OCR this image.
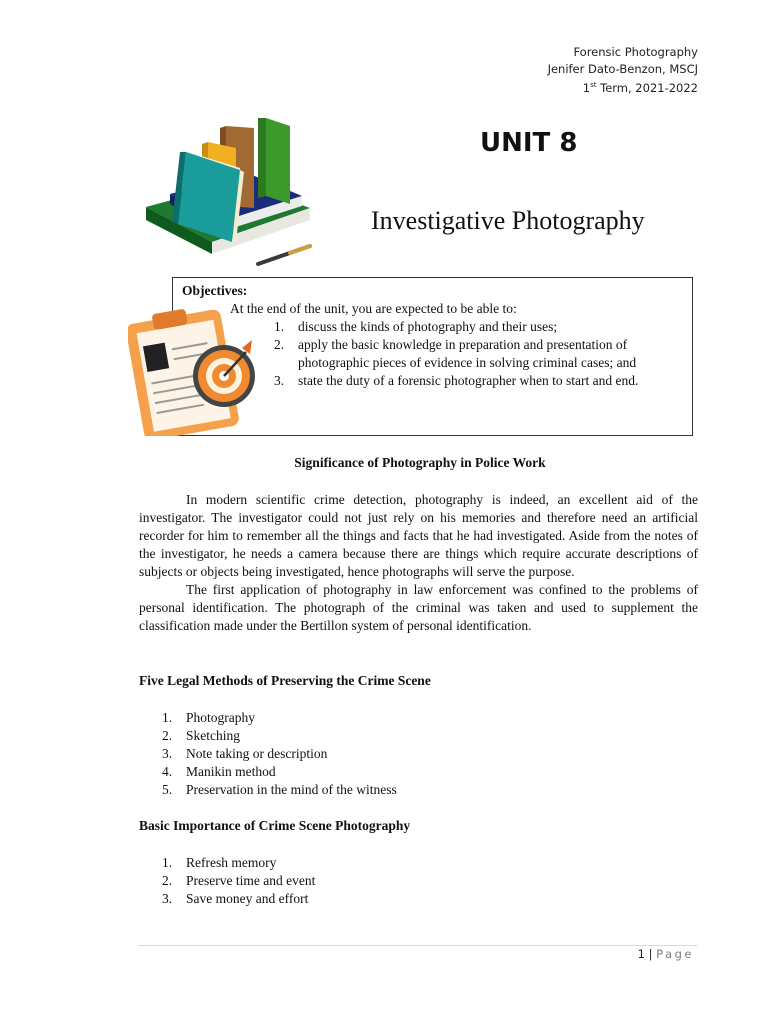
Forensic Photography
Jenifer Dato-Benzon, MSCJ
1st Term, 2021-2022
UNIT 8
Investigative Photography
Objectives:
At the end of the unit, you are expected to be able to:
1. discuss the kinds of photography and their uses;
2. apply the basic knowledge in preparation and presentation of photographic pieces of evidence in solving criminal cases; and
3. state the duty of a forensic photographer when to start and end.
Significance of Photography in Police Work

In modern scientific crime detection, photography is indeed, an excellent aid of the investigator. The investigator could not just rely on his memories and therefore need an artificial recorder for him to remember all the things and facts that he had investigated. Aside from the notes of the investigator, he needs a camera because there are things which require accurate descriptions of subjects or objects being investigated, hence photographs will serve the purpose.

The first application of photography in law enforcement was confined to the problems of personal identification. The photograph of the criminal was taken and used to supplement the classification made under the Bertillon system of personal identification.

Five Legal Methods of Preserving the Crime Scene
1. Photography
2. Sketching
3. Note taking or description
4. Manikin method
5. Preservation in the mind of the witness
Basic Importance of Crime Scene Photography
1. Refresh memory
2. Preserve time and event
3. Save money and effort
1 | Page
